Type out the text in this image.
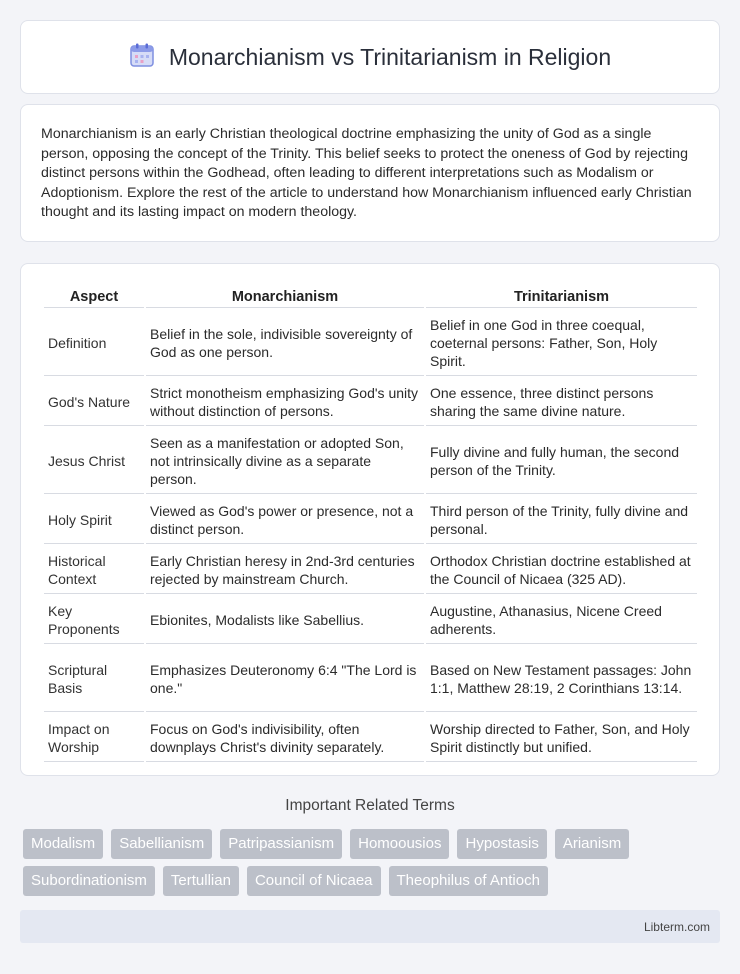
Monarchianism vs Trinitarianism in Religion

Monarchianism is an early Christian theological doctrine emphasizing the unity of God as a single person, opposing the concept of the Trinity. This belief seeks to protect the oneness of God by rejecting distinct persons within the Godhead, often leading to different interpretations such as Modalism or Adoptionism. Explore the rest of the article to understand how Monarchianism influenced early Christian thought and its lasting impact on modern theology.

Aspect	Monarchianism	Trinitarianism
Definition	Belief in the sole, indivisible sovereignty of God as one person.	Belief in one God in three coequal, coeternal persons: Father, Son, Holy Spirit.
God's Nature	Strict monotheism emphasizing God's unity without distinction of persons.	One essence, three distinct persons sharing the same divine nature.
Jesus Christ	Seen as a manifestation or adopted Son, not intrinsically divine as a separate person.	Fully divine and fully human, the second person of the Trinity.
Holy Spirit	Viewed as God's power or presence, not a distinct person.	Third person of the Trinity, fully divine and personal.
Historical Context	Early Christian heresy in 2nd-3rd centuries rejected by mainstream Church.	Orthodox Christian doctrine established at the Council of Nicaea (325 AD).
Key Proponents	Ebionites, Modalists like Sabellius.	Augustine, Athanasius, Nicene Creed adherents.
Scriptural Basis	Emphasizes Deuteronomy 6:4 "The Lord is one."	Based on New Testament passages: John 1:1, Matthew 28:19, 2 Corinthians 13:14.
Impact on Worship	Focus on God's indivisibility, often downplays Christ's divinity separately.	Worship directed to Father, Son, and Holy Spirit distinctly but unified.
Important Related Terms
Modalism	Sabellianism	Patripassianism	Homoousios	Hypostasis	Arianism
Subordinationism	Tertullian	Council of Nicaea	Theophilus of Antioch
Libterm.com
